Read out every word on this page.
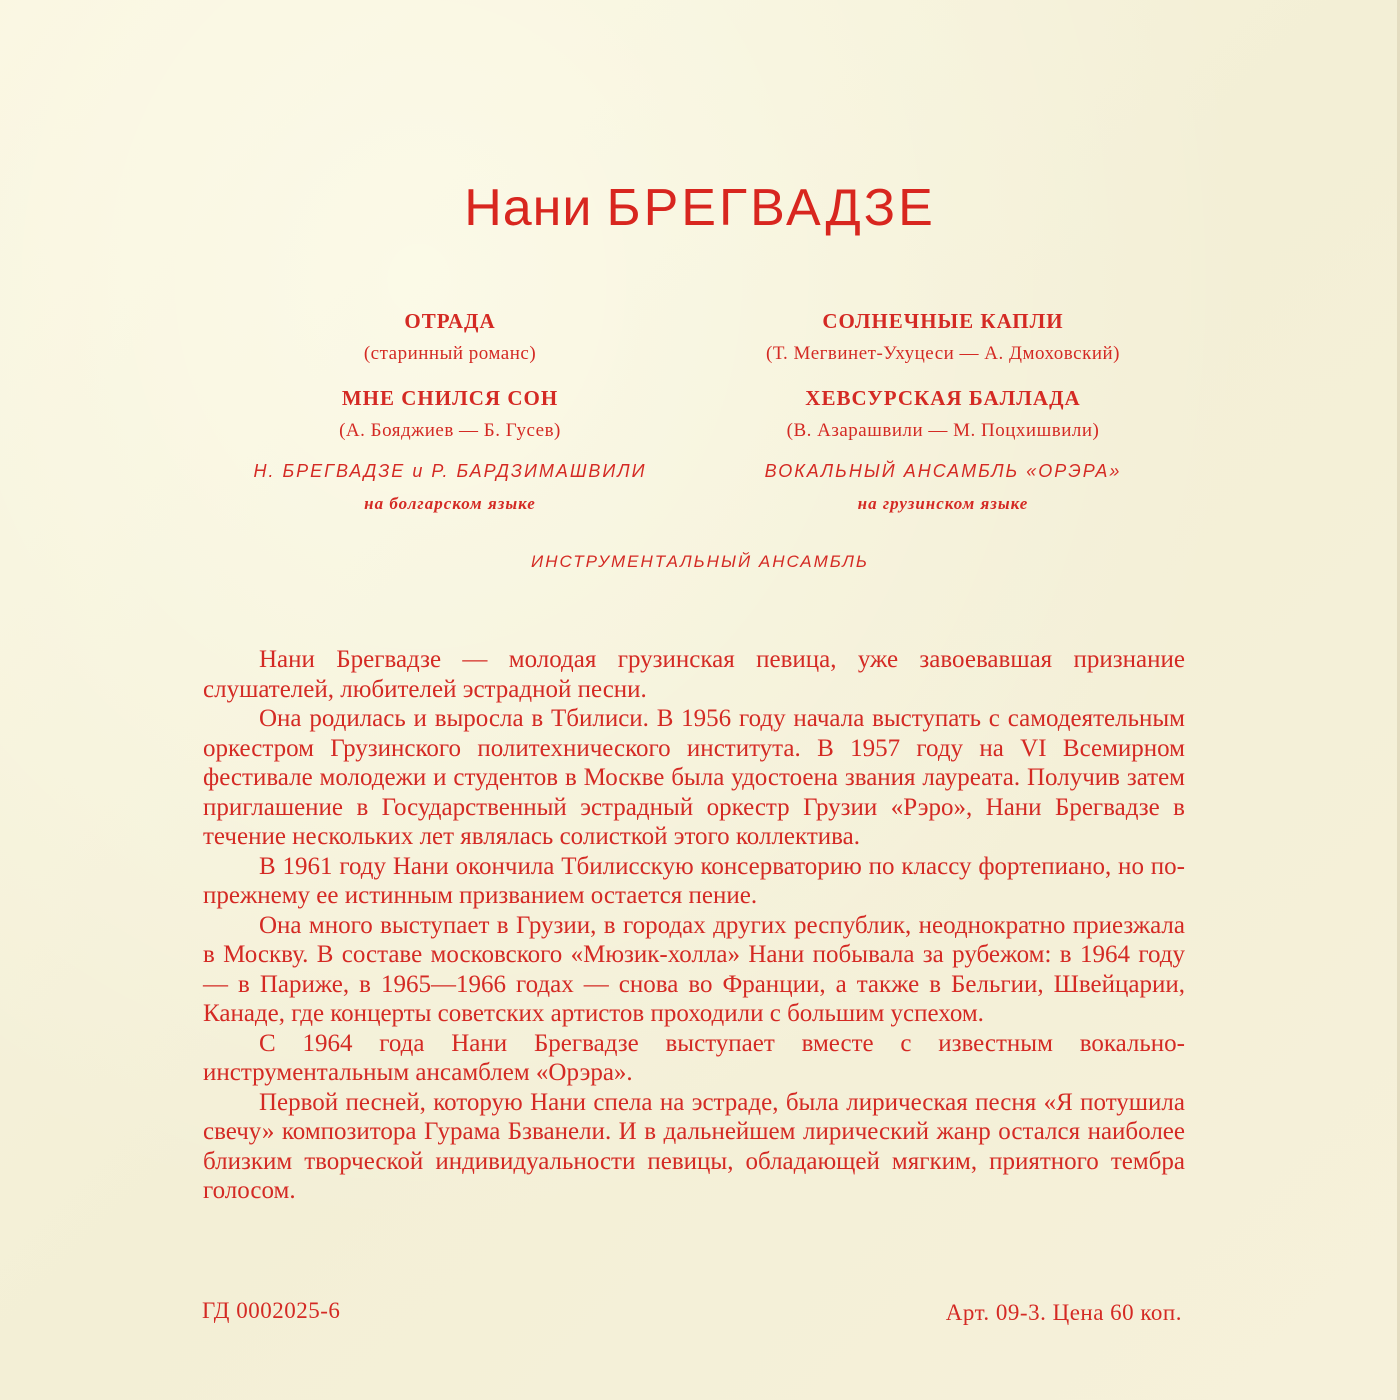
Нани БРЕГВАДЗЕ
ОТРАДА
(старинный романс)
МНЕ СНИЛСЯ СОН
(А. Бояджиев — Б. Гусев)
Н. БРЕГВАДЗЕ и Р. БАРДЗИМАШВИЛИ
на болгарском языке
СОЛНЕЧНЫЕ КАПЛИ
(Т. Мегвинет-Ухуцеси — А. Дмоховский)
ХЕВСУРСКАЯ БАЛЛАДА
(В. Азарашвили — М. Поцхишвили)
ВОКАЛЬНЫЙ АНСАМБЛЬ «ОРЭРА»
на грузинском языке
ИНСТРУМЕНТАЛЬНЫЙ АНСАМБЛЬ

Нани Брегвадзе — молодая грузинская певица, уже завоевавшая признание слушателей, любителей эстрадной песни.

Она родилась и выросла в Тбилиси. В 1956 году начала выступать с самодеятельным оркестром Грузинского политехнического института. В 1957 году на VI Всемирном фестивале молодежи и студентов в Москве была удостоена звания лауреата. Получив затем приглашение в Государственный эстрадный оркестр Грузии «Рэро», Нани Брегвадзе в течение нескольких лет являлась солисткой этого коллектива.

В 1961 году Нани окончила Тбилисскую консерваторию по классу фортепиано, но по-прежнему ее истинным призванием остается пение.

Она много выступает в Грузии, в городах других республик, неоднократно приезжала в Москву. В составе московского «Мюзик-холла» Нани побывала за рубежом: в 1964 году — в Париже, в 1965—1966 годах — снова во Франции, а также в Бельгии, Швейцарии, Канаде, где концерты советских артистов проходили с большим успехом.

С 1964 года Нани Брегвадзе выступает вместе с известным вокально-инструментальным ансамблем «Орэра».

Первой песней, которую Нани спела на эстраде, была лирическая песня «Я потушила свечу» композитора Гурама Бзванели. И в дальнейшем лирический жанр остался наиболее близким творческой индивидуальности певицы, обладающей мягким, приятного тембра голосом.

ГД 0002025-6	Арт. 09-3. Цена 60 коп.
